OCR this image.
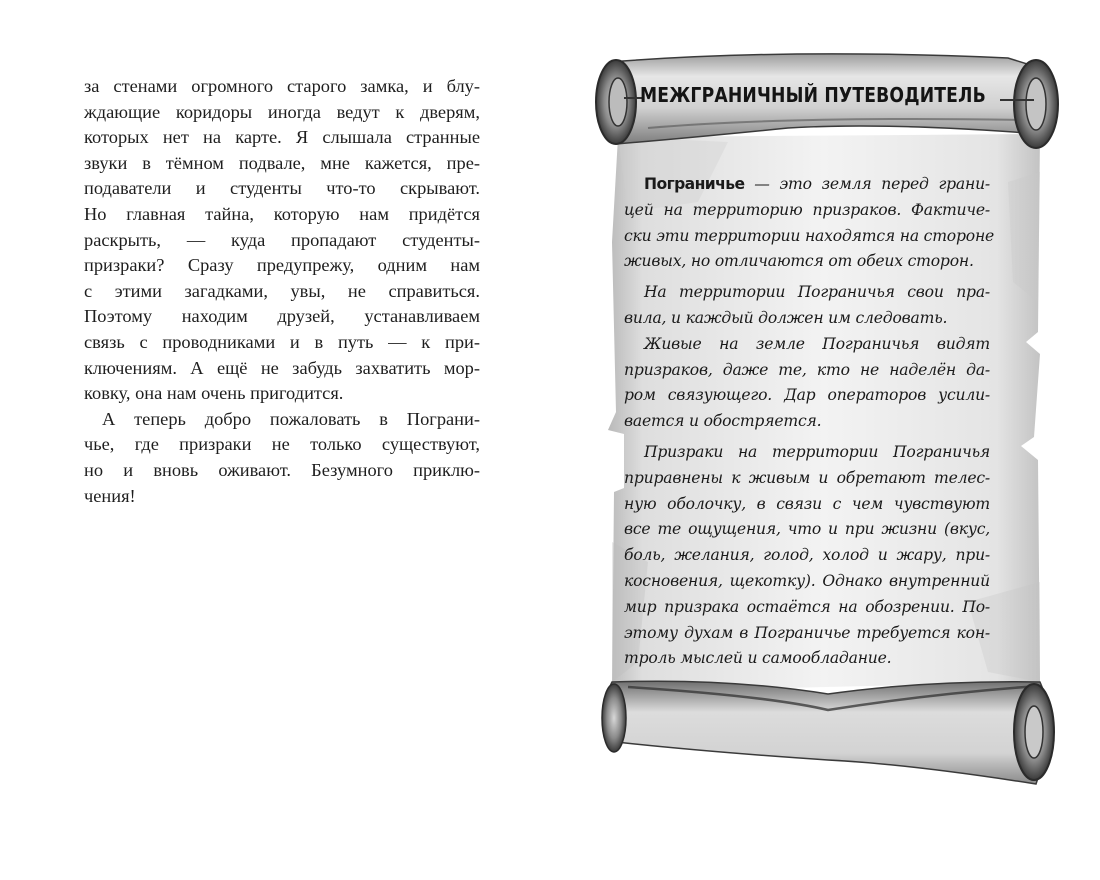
за стенами огромного старого замка, и блу-
ждающие коридоры иногда ведут к дверям,
которых нет на карте. Я слышала странные
звуки в тёмном подвале, мне кажется, пре-
подаватели и студенты что-то скрывают.
Но главная тайна, которую нам придётся
раскрыть, — куда пропадают студенты-
призраки? Сразу предупрежу, одним нам
с этими загадками, увы, не справиться.
Поэтому находим друзей, устанавливаем
связь с проводниками и в путь — к при-
ключениям. А ещё не забудь захватить мор-
ковку, она нам очень пригодится.
А теперь добро пожаловать в Пограни-
чье, где призраки не только существуют,
но и вновь оживают. Безумного приклю-
чения!
МЕЖГРАНИЧНЫЙ ПУТЕВОДИТЕЛЬ
Пограничье — это земля перед грани-
цей на территорию призраков. Фактиче-
ски эти территории находятся на стороне
живых, но отличаются от обеих сторон.
На территории Пограничья свои пра-
вила, и каждый должен им следовать.
Живые на земле Пограничья видят
призраков, даже те, кто не наделён да-
ром связующего. Дар операторов усили-
вается и обостряется.
Призраки на территории Пограничья
приравнены к живым и обретают телес-
ную оболочку, в связи с чем чувствуют
все те ощущения, что и при жизни (вкус,
боль, желания, голод, холод и жару, при-
косновения, щекотку). Однако внутренний
мир призрака остаётся на обозрении. По-
этому духам в Пограничье требуется кон-
троль мыслей и самообладание.
